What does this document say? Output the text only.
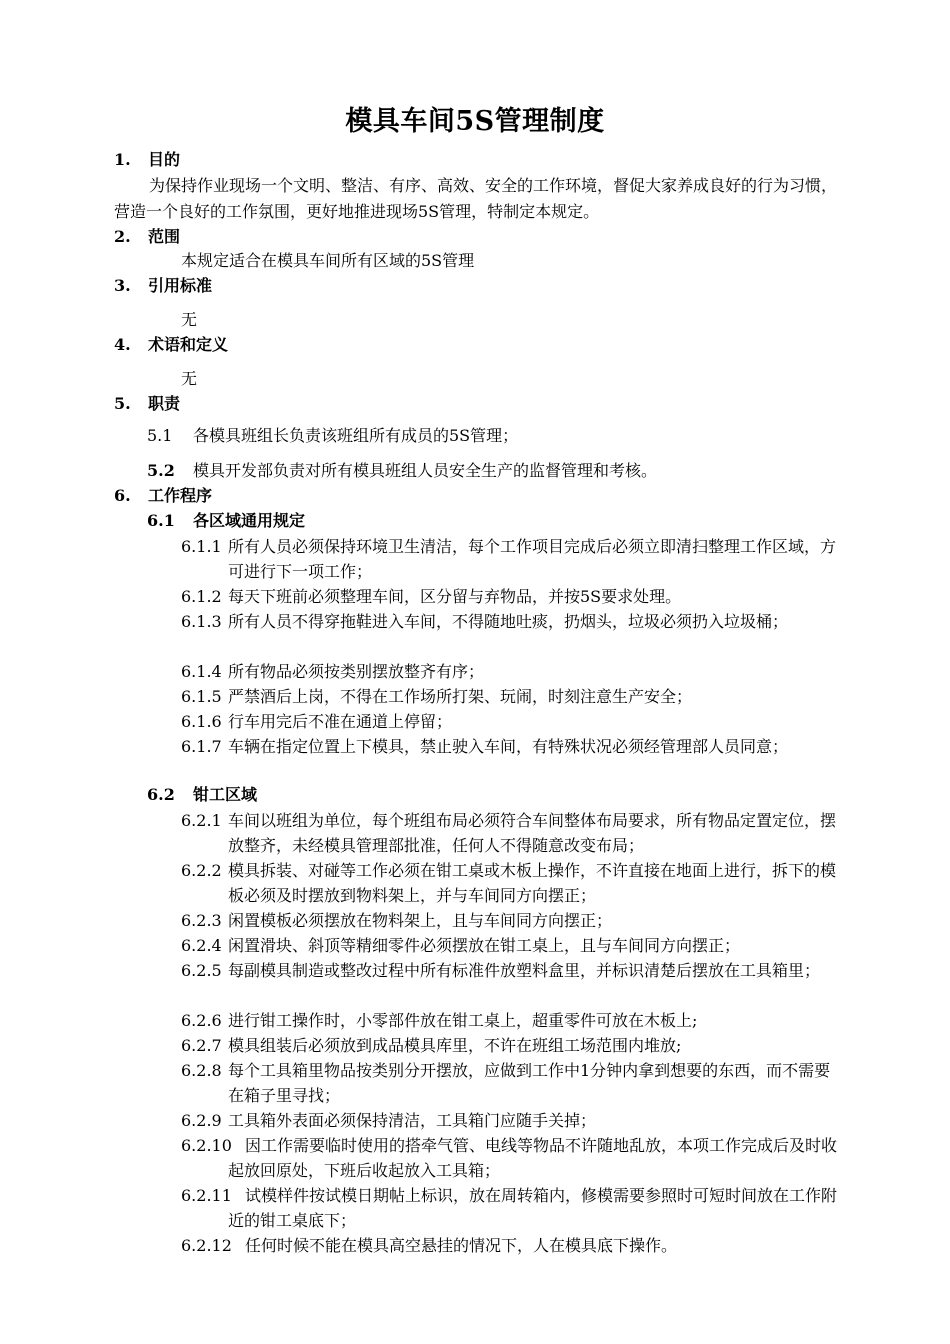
模具车间5S管理制度
1. 目的
为保持作业现场一个文明、整洁、有序、高效、安全的工作环境，督促大家养成良好的行为习惯，营造一个良好的工作氛围，更好地推进现场5S管理，特制定本规定。
2. 范围
本规定适合在模具车间所有区域的5S管理
3. 引用标准
无
4. 术语和定义
无
5. 职责
5.1 各模具班组长负责该班组所有成员的5S管理；
5.2 模具开发部负责对所有模具班组人员安全生产的监督管理和考核。
6. 工作程序
6.1 各区域通用规定
6.1.1 所有人员必须保持环境卫生清洁，每个工作项目完成后必须立即清扫整理工作区域，方可进行下一项工作；
6.1.2 每天下班前必须整理车间，区分留与弃物品，并按5S要求处理。
6.1.3 所有人员不得穿拖鞋进入车间，不得随地吐痰，扔烟头，垃圾必须扔入垃圾桶；
6.1.4 所有物品必须按类别摆放整齐有序；
6.1.5 严禁酒后上岗，不得在工作场所打架、玩闹，时刻注意生产安全；
6.1.6 行车用完后不准在通道上停留；
6.1.7 车辆在指定位置上下模具，禁止驶入车间，有特殊状况必须经管理部人员同意；
6.2 钳工区域
6.2.1 车间以班组为单位，每个班组布局必须符合车间整体布局要求，所有物品定置定位，摆放整齐，未经模具管理部批准，任何人不得随意改变布局；
6.2.2 模具拆装、对碰等工作必须在钳工桌或木板上操作，不许直接在地面上进行，拆下的模板必须及时摆放到物料架上，并与车间同方向摆正；
6.2.3 闲置模板必须摆放在物料架上，且与车间同方向摆正；
6.2.4 闲置滑块、斜顶等精细零件必须摆放在钳工桌上，且与车间同方向摆正；
6.2.5 每副模具制造或整改过程中所有标准件放塑料盒里，并标识清楚后摆放在工具箱里；
6.2.6 进行钳工操作时，小零部件放在钳工桌上，超重零件可放在木板上;
6.2.7 模具组装后必须放到成品模具库里，不许在班组工场范围内堆放;
6.2.8 每个工具箱里物品按类别分开摆放，应做到工作中1分钟内拿到想要的东西，而不需要在箱子里寻找；
6.2.9 工具箱外表面必须保持清洁，工具箱门应随手关掉；
6.2.10 因工作需要临时使用的搭牵气管、电线等物品不许随地乱放，本项工作完成后及时收起放回原处，下班后收起放入工具箱；
6.2.11 试模样件按试模日期帖上标识，放在周转箱内，修模需要参照时可短时间放在工作附近的钳工桌底下；
6.2.12 任何时候不能在模具高空悬挂的情况下，人在模具底下操作。
